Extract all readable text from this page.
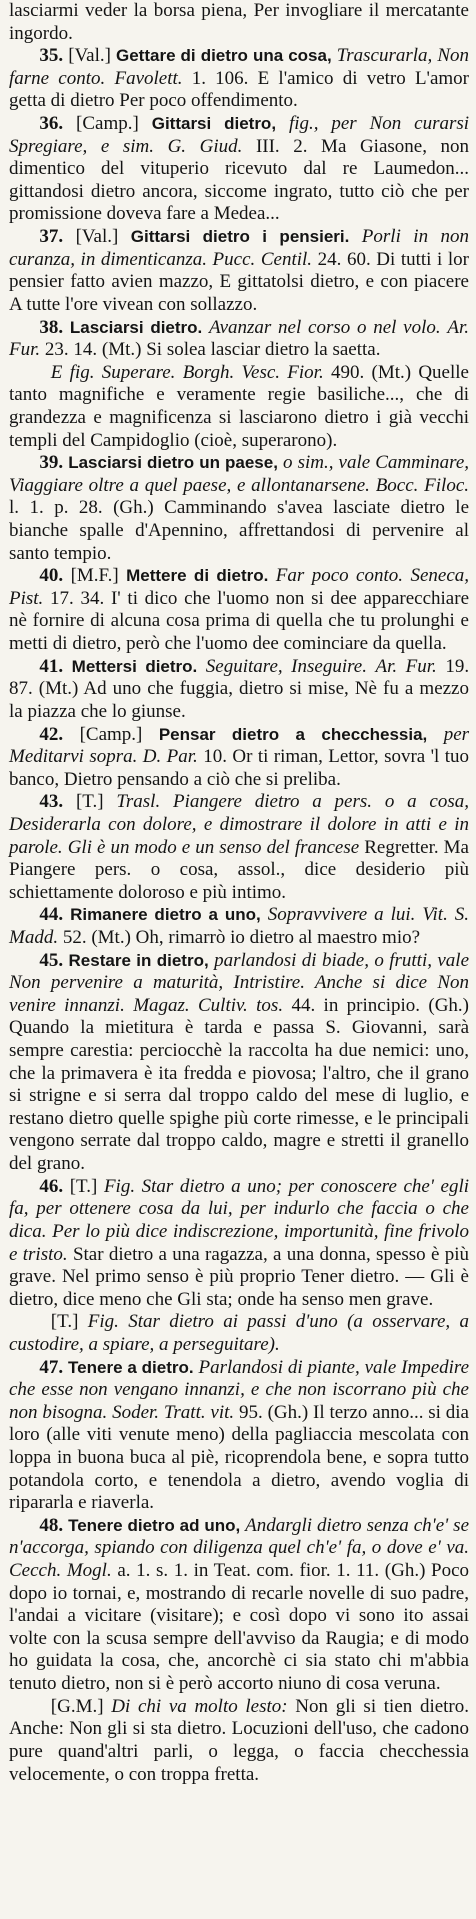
lasciarmi veder la borsa piena, Per invogliare il mercatante ingordo.

35. [Val.] Gettare di dietro una cosa, Trascurarla, Non farne conto. Favolett. 1. 106. E l'amico di vetro L'amor getta di dietro Per poco offendimento.

36. [Camp.] Gittarsi dietro, fig., per Non curarsi Spregiare, e sim. G. Giud. III. 2. Ma Giasone, non dimentico del vituperio ricevuto dal re Laumedon... gittandosi dietro ancora, siccome ingrato, tutto ciò che per promissione doveva fare a Medea...

37. [Val.] Gittarsi dietro i pensieri. Porli in non curanza, in dimenticanza. Pucc. Centil. 24. 60. Di tutti i lor pensier fatto avien mazzo, E gittatolsi dietro, e con piacere A tutte l'ore vivean con sollazzo.

38. Lasciarsi dietro. Avanzar nel corso o nel volo. Ar. Fur. 23. 14. (Mt.) Si solea lasciar dietro la saetta.

E fig. Superare. Borgh. Vesc. Fior. 490. (Mt.) Quelle tanto magnifiche e veramente regie basiliche..., che di grandezza e magnificenza si lasciarono dietro i già vecchi templi del Campidoglio (cioè, superarono).

39. Lasciarsi dietro un paese, o sim., vale Camminare, Viaggiare oltre a quel paese, e allontanarsene. Bocc. Filoc. l. 1. p. 28. (Gh.) Camminando s'avea lasciate dietro le bianche spalle d'Apennino, affrettandosi di pervenire al santo tempio.

40. [M.F.] Mettere di dietro. Far poco conto. Seneca, Pist. 17. 34. I' ti dico che l'uomo non si dee apparecchiare nè fornire di alcuna cosa prima di quella che tu prolunghi e metti di dietro, però che l'uomo dee cominciare da quella.

41. Mettersi dietro. Seguitare, Inseguire. Ar. Fur. 19. 87. (Mt.) Ad uno che fuggia, dietro si mise, Nè fu a mezzo la piazza che lo giunse.

42. [Camp.] Pensar dietro a checchessia, per Meditarvi sopra. D. Par. 10. Or ti riman, Lettor, sovra 'l tuo banco, Dietro pensando a ciò che si preliba.

43. [T.] Trasl. Piangere dietro a pers. o a cosa, Desiderarla con dolore, e dimostrare il dolore in atti e in parole. Gli è un modo e un senso del francese Regretter. Ma Piangere pers. o cosa, assol., dice desiderio più schiettamente doloroso e più intimo.

44. Rimanere dietro a uno, Sopravvivere a lui. Vit. S. Madd. 52. (Mt.) Oh, rimarrò io dietro al maestro mio?

45. Restare in dietro, parlandosi di biade, o frutti, vale Non pervenire a maturità, Intristire. Anche si dice Non venire innanzi. Magaz. Cultiv. tos. 44. in principio. (Gh.) Quando la mietitura è tarda e passa S. Giovanni, sarà sempre carestia: perciocchè la raccolta ha due nemici: uno, che la primavera è ita fredda e piovosa; l'altro, che il grano si strigne e si serra dal troppo caldo del mese di luglio, e restano dietro quelle spighe più corte rimesse, e le principali vengono serrate dal troppo caldo, magre e stretti il granello del grano.

46. [T.] Fig. Star dietro a uno; per conoscere che' egli fa, per ottenere cosa da lui, per indurlo che faccia o che dica. Per lo più dice indiscrezione, importunità, fine frivolo e tristo. Star dietro a una ragazza, a una donna, spesso è più grave. Nel primo senso è più proprio Tener dietro. — Gli è dietro, dice meno che Gli sta; onde ha senso men grave.

[T.] Fig. Star dietro ai passi d'uno (a osservare, a custodire, a spiare, a perseguitare).

47. Tenere a dietro. Parlandosi di piante, vale Impedire che esse non vengano innanzi, e che non iscorrano più che non bisogna. Soder. Tratt. vit. 95. (Gh.) Il terzo anno... si dia loro (alle viti venute meno) della pagliaccia mescolata con loppa in buona buca al piè, ricoprendola bene, e sopra tutto potandola corto, e tenendola a dietro, avendo voglia di ripararla e riaverla.

48. Tenere dietro ad uno, Andargli dietro senza ch'e' se n'accorga, spiando con diligenza quel ch'e' fa, o dove e' va. Cecch. Mogl. a. 1. s. 1. in Teat. com. fior. 1. 11. (Gh.) Poco dopo io tornai, e, mostrando di recarle novelle di suo padre, l'andai a vicitare (visitare); e così dopo vi sono ito assai volte con la scusa sempre dell'avviso da Raugia; e di modo ho guidata la cosa, che, ancorchè ci sia stato chi m'abbia tenuto dietro, non si è però accorto niuno di cosa veruna.

[G.M.] Di chi va molto lesto: Non gli si tien dietro. Anche: Non gli si sta dietro. Locuzioni dell'uso, che cadono pure quand'altri parli, o legga, o faccia checchessia velocemente, o con troppa fretta.
